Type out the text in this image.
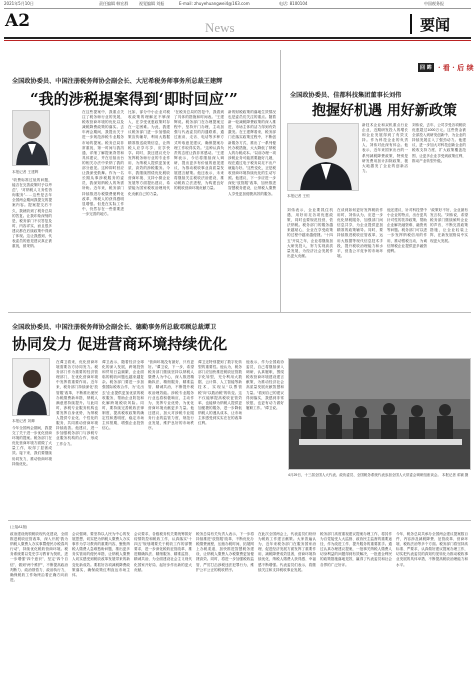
2021年5月10日	责任编辑 韩宏群	视觉编辑 刘振	E-mail: zhuyehuangwei4@163.com	电话: 8100104	中国税务报
A2	News	要闻
全国政协委员、中国注册税务师协会副会长、大尼希税务师事务所总裁王建辉
“我的涉税提案得到‘即时回应’”
本报记者 王建辉
“收费标准过低的问题，能否在完善政策时予以考虑”，“对纳税人义务性咨询服务”……这些是去年全国两会期间我提交的提案内容。提案提交后不久，我就收到了税务总局的答复。让我印象深刻的是，税务部门不仅答复及时、内容详实，而且很多建议都在后续政策中得到了体现。这让我感到，代表委员的意见建议真正被重视，被采纳。
在这些提案中，我重点关注了税务师行业的发展，税收营商环境的优化以及减税降费政策的落实。去年两会期间，我提出关于进一步规范涉税专业服务市场的提案。税务总局非常重视，第一时间与我沟通，详细了解提案背景和具体建议，并在后续出台的相关办法中采纳了我的部分意见。这种即时回应让我深受鼓舞。作为一名长期从事涉税服务的委员，我深知纳税人的所需所盼。近年来，税务部门持续推进办税缴费便利化改革，纳税人的获得感明显增强。但是在实际工作中，仍然存在一些需要进一步完善的地方。
比如，部分中小企业对税收政策的理解还不够深入，在享受优惠政策时存在一定困难。为此，我建议税务部门进一步加强政策宣传辅导，利用大数据精准推送政策信息，让纳税人应享尽享、应享快享。同时，我还建议充分发挥税务师行业的专业作用，为纳税人提供更加优质、高效的涉税服务。今年，我继续围绕优化税收营商环境、支持小微企业发展等方面提出建议，希望能为国家税收治理现代化贡献自己的力量。
“在税务总局的答复中，我看到了具体的措施和时间表。”王建辉说。税务部门在办理提案过程中，坚持开门办理，主动加强与代表委员的沟通联系，通过座谈、走访、电话等多种方式听取意见建议，确保提案办理工作取得实效。“这种认真负责的态度让我非常感动。”王建辉表示，今后将继续深入调研，提出更多有价值的意见建议，为推动税收事业高质量发展建言献策。他还表示，未来将继续关注税收法治建设，推动税收立法进程，为构建良好的税收营商环境贡献力量。
新的财税政策的落地生效情况也是委员们关注的重点。随着新一轮减税降费政策的深入推进，市场主体的活力得到有效激发。在王建辉看来，税务部门在落实政策过程中，不断创新服务方式，推出了一系列便民办税措施，大大降低了纳税人的办税成本。“以前办理一项涉税业务可能需要跑好几趟，现在通过电子税务局足不出户就能办好。”这些变化，正是税收营商环境持续优化的生动写照。他建议，下一步应进一步深化“放管服”改革，加快推进智慧税务建设，让纳税人缴费人享受更加便捷高效的服务。
回 眸 · 看 · 后 续
全国政协委员、佳都科技集团董事长刘伟
抱握好机遇 用好新政策
本报记者 王恒
新技术企业和双机重点行业企业，近期研发投入的增长和企业发展得到了有效支持。作为科技企业的负责人，刘伟对此深有体会。他表示，近年来国家出台的一系列减税降费政策，特别是研发费用加计扣除政策，极大地激发了企业的创新活力。
刘伟说，去年，公司享受各项税收优惠超过1000万元。这些资金被全部投入到研发创新中，为企业的持续发展注入了强劲动力。他建议，进一步加大对科技创新企业的税收支持力度，扩大政策覆盖范围，让更多企业享受到政策红利，推动产业转型升级。
刘伟表示，企业要抓住机遇，用好用足各项优惠政策，同时也要规范经营，依法纳税。税务部门的服务越来越贴心，企业在享受政策的过程中越来越便捷。“十四五”开局之年，企业将继续加大研发投入，努力实现高质量发展，为经济社会发展作出更大贡献。
在谈到如何更好发挥税收作用时，刘伟认为，应进一步优化纳税服务，加强部门间信息共享，为企业提供更加精准的政策辅导。同时，要持续推进税收征管改革，运用大数据等现代信息技术手段，提升税收治理能力和水平，营造公平竞争的市场环境。
他还建议，针对科技型中小企业的特点，出台更具针对性的扶持政策，帮助企业解决融资难、融资贵等问题。税务部门可以进一步发挥纳税信用的作用，推动银税互动，为诚信纳税企业提供更多融资便利。
“政策好不好，企业最有发言权。”刘伟说，希望税务部门继续倾听企业的声音，不断完善政策措施，让企业轻装上阵，在新发展格局中实现更大发展。
全国政协委员、中国注册税务师协会副会长、德勤事务所总裁邓顾总裁谭卫
协同发力 促进营商环境持续优化
本报记者 刘卿
今年全国两会期间，我提交了关于进一步优化营商环境的提案。税务部门在优化营商环境方面做了大量工作，取得了显著成效。接下来，我们要继续协同发力，推动营商环境持续优化。
在谭卫看来，优化营商环境需要各方协同发力。税务部门作为重要的经济管理部门，在优化营商环境中发挥着重要作用。近年来，税务部门持续深化“放管服”改革，不断推出便民办税缴费新举措，纳税人满意度持续提升。与此同时，涉税专业服务机构也要发挥自身优势，为纳税人提供专业化、个性化的服务，共同推动营商环境持续改善。他建议，进一步加强税务部门与涉税专业服务机构的合作，形成工作合力。
谭卫表示，随着经济全球化的深入发展，跨境投资和贸易日益频繁，企业面临的税收问题也越来越复杂。税务部门要进一步加强国际税收合作，为“走出去”企业提供更加优质的税收服务，帮助企业防范和化解跨境税收风险。同时，要持续完善税收法律制度，提高税收政策的确定性和透明度，稳定市场主体预期，增强企业投资信心。
“营商环境没有最好，只有更好。”谭卫说，下一步，希望税务部门继续坚持以纳税人缴费人为中心，深入推进精确执法、精细服务、精准监管、精诚共治，不断提升税收治理效能。涉税专业服务行业也将积极响应，主动作为，发挥专业优势，为优化营商环境贡献更多力量。他还建议，加大对涉税专业服务行业的监管力度，规范行业发展，维护良好的市场秩序。
谭卫还特别提到了数字化转型的重要性。他认为，税务部门应加快推进税收征管数字化转型，充分利用大数据、云计算、人工智能等新技术，实现从“以票管税”向“以数治税”的转变。这不仅能够提高税收征管效率，也能够为纳税人提供更加便捷的服务，进一步降低纳税人的遵从成本，让市场主体感受到实实在在的改革红利。
他表示，作为全国政协委员，自己将继续深入调研，认真履职，围绕税收营商环境建设建言献策，为推动经济社会高质量发展贡献智慧和力量。“看到自己的建议得到落实，我感到非常欣慰，也更有动力做好履职工作。”谭卫说。
4月29日，十三届全国人大代表、政协委员、全国税务系统代表参加全国人大常委会调研组座谈会。 本报记者 邓颖 摄
(上接A1版)
政治建设统领税收现代化建设，全面推进税收征管改革，深入开展“我为纳税人缴费人办实事暨便民办税春风行动”，持续优化税收营商环境。税务系统要以党史学习教育为契机，进一步增强“四个意识”、坚定“四个自信”、做到“两个维护”，不断提高政治判断力、政治领悟力、政治执行力，确保税收工作始终沿着正确方向前进。
会议强调，要坚持以人民为中心的发展思想，切实把为纳税人缴费人办实事作为学习教育的重要内容，聚焦纳税人缴费人急难愁盼问题，推出更多务实管用的便民举措，让纳税人缴费人切实感受到税收改革发展带来的新变化新成效。要抓好各项减税降费政策落实，确保政策红利直达市场主体。
会议要求，各级税务机关要统筹抓好疫情防控和税收工作，认真落实“十四五”规划纲要关于税收工作的部署要求，进一步深化税收征管改革，推进精确执法、精细服务、精准监管、精诚共治，为全面建设社会主义现代化国家开好局、起好步作出新的更大贡献。
税务总局有关负责人表示，下一步将持续推进“放管服”改革，不断优化办税缴费流程，压缩办税时间，拓展网上办税渠道，加快推进智慧税务建设，让纳税人缴费人办税缴费更加便捷高效。同时，将进一步加强税收监管，严厉打击涉税违法犯罪行为，维护公平公正的税收秩序。
在此次全国两会上，代表委员们纷纷为税收工作建言献策。大家普遍认为，近年来税务部门在服务国家治理、促进经济发展方面发挥了重要作用，减税降费成效显著，营商环境持续优化，纳税人缴费人获得感、幸福感不断增强。代表委员们表示，将继续关注和支持税收事业发展。
税务部门高度重视建议提案办理工作，将其作为自觉接受人大监督、政协民主监督的重要途径，作为改进工作、提升服务的重要抓手。通过认真办理建议提案，一批事关纳税人缴费人切身利益的问题得到有效解决，一批惠企利民的政策措施落地见效，赢得了代表委员和社会各界的广泛好评。
今年，税务总局共承办全国两会建议提案数百件，内容涉及减税降费、征管改革、营商环境、税收法治等多个方面。税务部门将坚持高标准、严要求，认真做好建议提案办理工作，切实把代表委员的真知灼见转化为推动税收事业发展的具体举措，不断提高税收治理能力和水平。
